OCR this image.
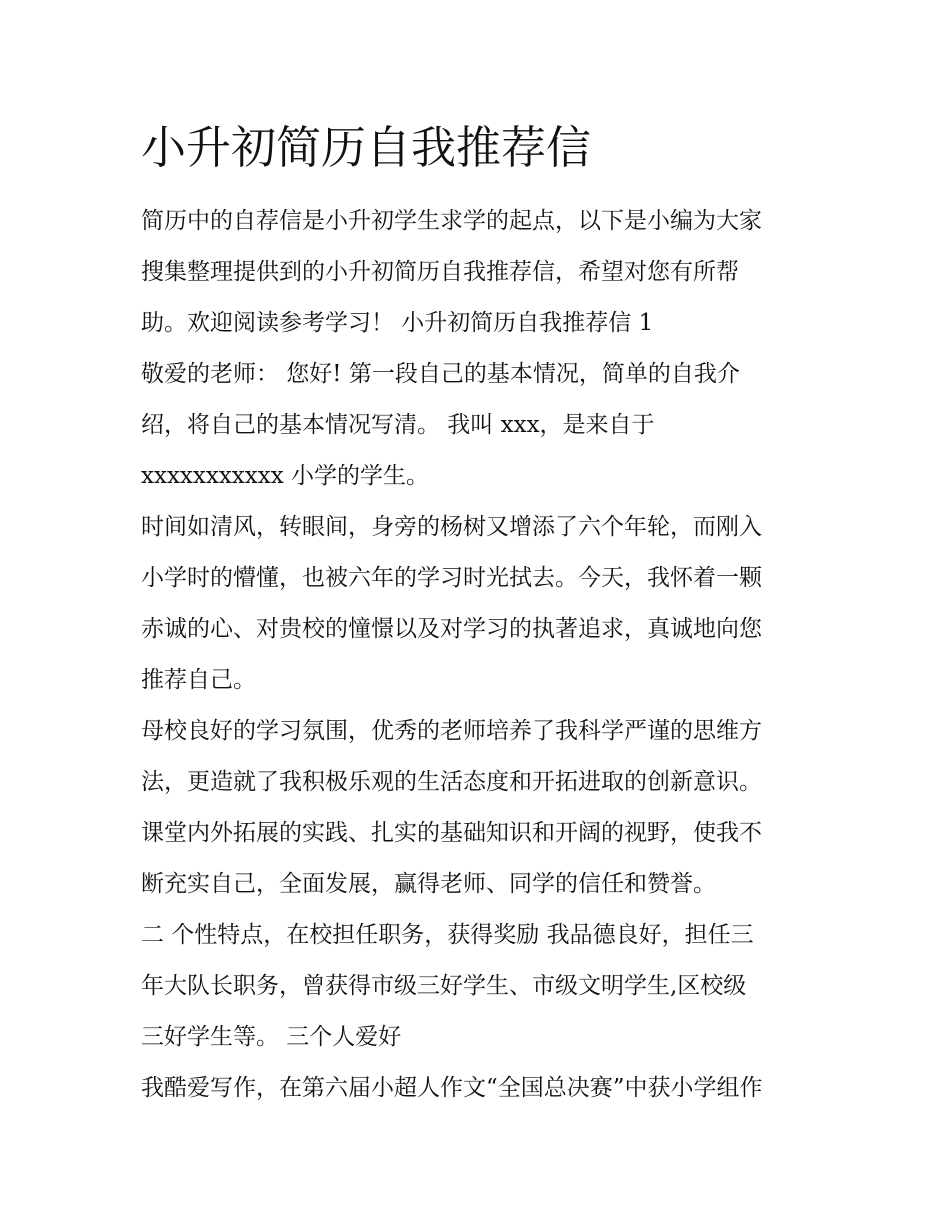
小升初简历自我推荐信

简历中的自荐信是小升初学生求学的起点，以下是小编为大家
搜集整理提供到的小升初简历自我推荐信，希望对您有所帮
助。欢迎阅读参考学习！ 小升初简历自我推荐信 1

敬爱的老师： 您好! 第一段自己的基本情况，简单的自我介
绍，将自己的基本情况写清。 我叫 xxx，是来自于
xxxxxxxxxxx 小学的学生。

时间如清风，转眼间，身旁的杨树又增添了六个年轮，而刚入
小学时的懵懂，也被六年的学习时光拭去。今天，我怀着一颗
赤诚的心、对贵校的憧憬以及对学习的执著追求，真诚地向您
推荐自己。

母校良好的学习氛围，优秀的老师培养了我科学严谨的思维方
法，更造就了我积极乐观的生活态度和开拓进取的创新意识。
课堂内外拓展的实践、扎实的基础知识和开阔的视野，使我不
断充实自己，全面发展，赢得老师、同学的信任和赞誉。

二 个性特点，在校担任职务，获得奖励 我品德良好，担任三
年大队长职务，曾获得市级三好学生、市级文明学生,区校级
三好学生等。 三个人爱好

我酷爱写作，在第六届小超人作文“全国总决赛”中获小学组作
